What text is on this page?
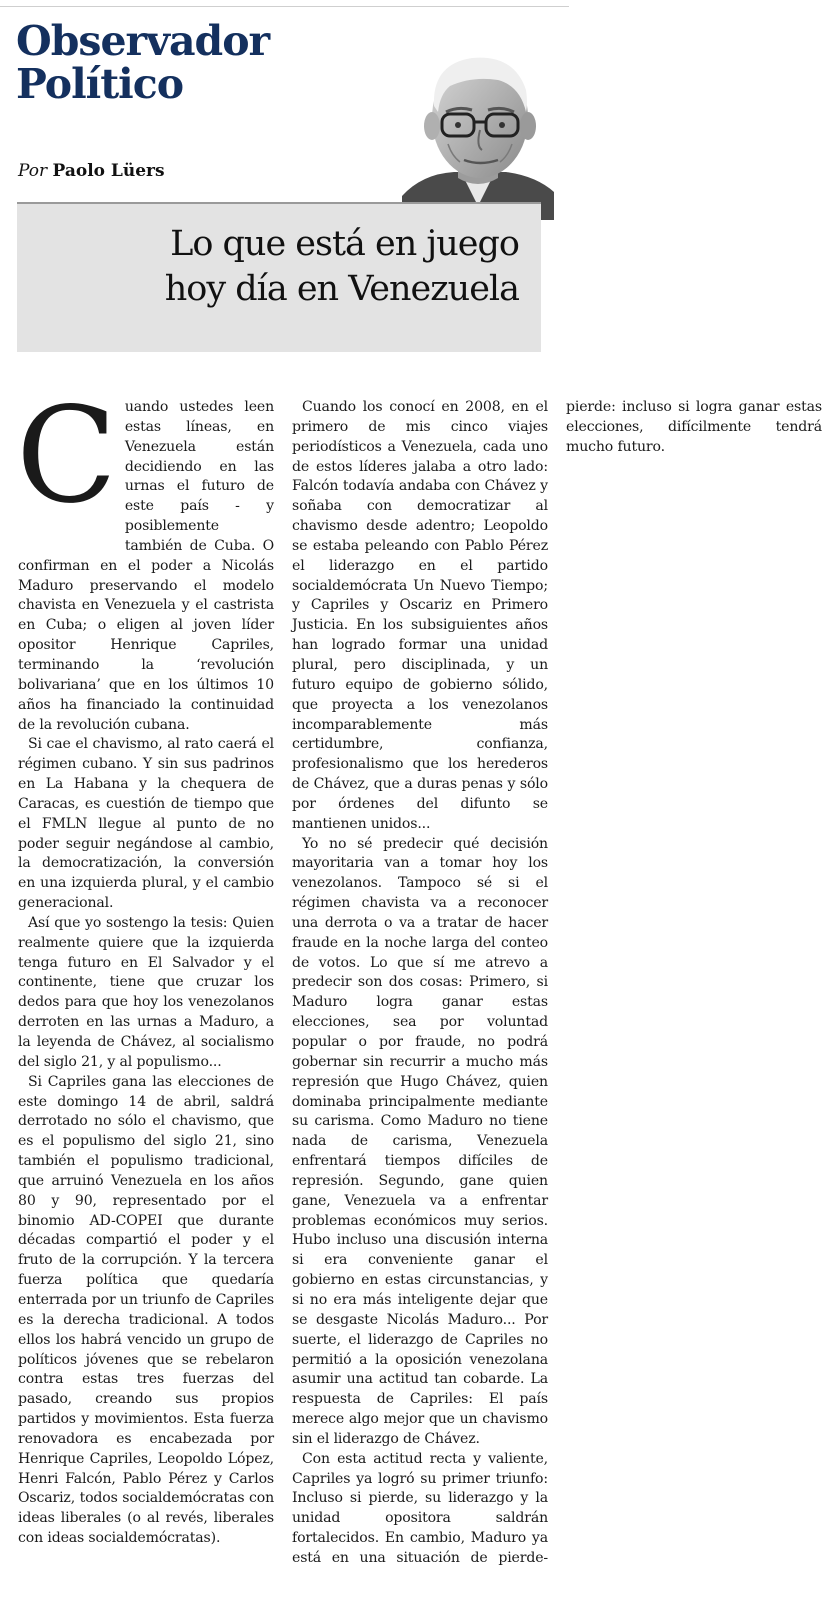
Observador
Político
Por Paolo Lüers
Lo que está en juego
hoy día en Venezuela

Cuando ustedes leen estas líneas, en Venezuela están decidiendo en las urnas el futuro de este país - y posiblemente también de Cuba. O confirman en el poder a Nicolás Maduro preservando el modelo chavista en Venezuela y el castrista en Cuba; o eligen al joven líder opositor Henrique Capriles, terminando la ‘revolución bolivariana’ que en los últimos 10 años ha financiado la continuidad de la revolución cubana.

Si cae el chavismo, al rato caerá el régimen cubano. Y sin sus padrinos en La Habana y la chequera de Caracas, es cuestión de tiempo que el FMLN llegue al punto de no poder seguir negándose al cambio, la democratización, la conversión en una izquierda plural, y el cambio generacional.

Así que yo sostengo la tesis: Quien realmente quiere que la izquierda tenga futuro en El Salvador y el continente, tiene que cruzar los dedos para que hoy los venezolanos derroten en las urnas a Maduro, a la leyenda de Chávez, al socialismo del siglo 21, y al populismo...

Si Capriles gana las elecciones de este domingo 14 de abril, saldrá derrotado no sólo el chavismo, que es el populismo del siglo 21, sino también el populismo tradicional, que arruinó Venezuela en los años 80 y 90, representado por el binomio AD-COPEI que durante décadas compartió el poder y el fruto de la corrupción. Y la tercera fuerza política que quedaría enterrada por un triunfo de Capriles es la derecha tradicional. A todos ellos los habrá vencido un grupo de políticos jóvenes que se rebelaron contra estas tres fuerzas del pasado, creando sus propios partidos y movimientos. Esta fuerza renovadora es encabezada por Henrique Capriles, Leopoldo López, Henri Falcón, Pablo Pérez y Carlos Oscariz, todos socialdemócratas con ideas liberales (o al revés, liberales con ideas socialdemócratas).

Cuando los conocí en 2008, en el primero de mis cinco viajes periodísticos a Venezuela, cada uno de estos líderes jalaba a otro lado: Falcón todavía andaba con Chávez y soñaba con democratizar al chavismo desde adentro; Leopoldo se estaba peleando con Pablo Pérez el liderazgo en el partido socialdemócrata Un Nuevo Tiempo; y Capriles y Oscariz en Primero Justicia. En los subsiguientes años han logrado formar una unidad plural, pero disciplinada, y un futuro equipo de gobierno sólido, que proyecta a los venezolanos incomparablemente más certidumbre, confianza, profesionalismo que los herederos de Chávez, que a duras penas y sólo por órdenes del difunto se mantienen unidos...

Yo no sé predecir qué decisión mayoritaria van a tomar hoy los venezolanos. Tampoco sé si el régimen chavista va a reconocer una derrota o va a tratar de hacer fraude en la noche larga del conteo de votos. Lo que sí me atrevo a predecir son dos cosas: Primero, si Maduro logra ganar estas elecciones, sea por voluntad popular o por fraude, no podrá gobernar sin recurrir a mucho más represión que Hugo Chávez, quien dominaba principalmente mediante su carisma. Como Maduro no tiene nada de carisma, Venezuela enfrentará tiempos difíciles de represión. Segundo, gane quien gane, Venezuela va a enfrentar problemas económicos muy serios. Hubo incluso una discusión interna si era conveniente ganar el gobierno en estas circunstancias, y si no era más inteligente dejar que se desgaste Nicolás Maduro... Por suerte, el liderazgo de Capriles no permitió a la oposición venezolana asumir una actitud tan cobarde. La respuesta de Capriles: El país merece algo mejor que un chavismo sin el liderazgo de Chávez.

Con esta actitud recta y valiente, Capriles ya logró su primer triunfo: Incluso si pierde, su liderazgo y la unidad opositora saldrán fortalecidos. En cambio, Maduro ya está en una situación de pierde-pierde: incluso si logra ganar estas elecciones, difícilmente tendrá mucho futuro.
